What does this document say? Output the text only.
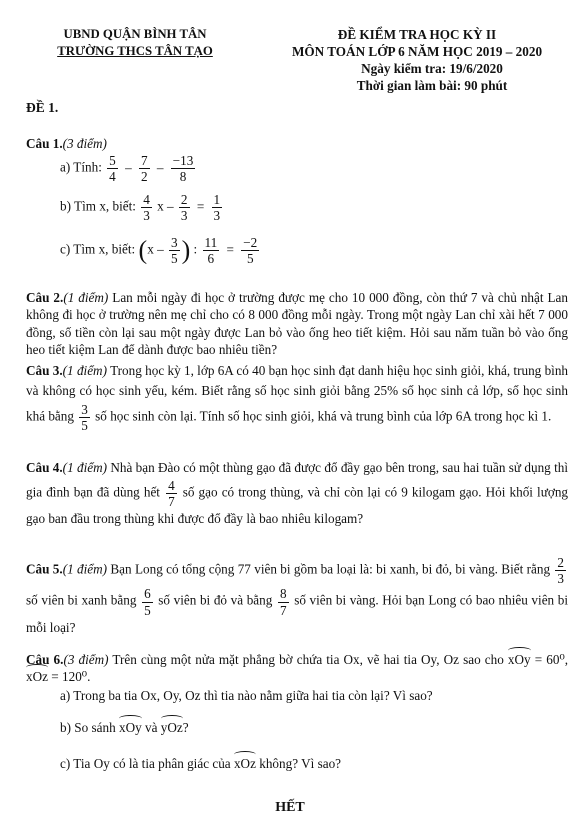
UBND QUẬN BÌNH TÂN
TRƯỜNG THCS TÂN TẠO
ĐỀ KIỂM TRA HỌC KỲ II
MÔN TOÁN LỚP 6 NĂM HỌC 2019 – 2020
Ngày kiểm tra: 19/6/2020
Thời gian làm bài: 90 phút
ĐỀ 1.
Câu 1.(3 điểm)
a) Tính: $\frac{5}{4} - \frac{7}{2} - \frac{-13}{8}$
b) Tìm x, biết: $\frac{4}{3}$ $x - \frac{2}{3} = \frac{1}{3}$
c) Tìm x, biết: ($x - \frac{3}{5}$ ) : $\frac{11}{6} = \frac{-2}{5}$
Câu 2.(1 điểm) Lan mỗi ngày đi học ở trường được mẹ cho 10 000 đồng, còn thứ 7 và chủ nhật Lan không đi học ở trường nên mẹ chỉ cho có 8 000 đồng mỗi ngày. Trong một ngày Lan chỉ xài hết 7 000 đồng, số tiền còn lại sau một ngày được Lan bỏ vào ống heo tiết kiệm. Hỏi sau năm tuần bỏ vào ống heo tiết kiệm Lan để dành được bao nhiêu tiền?
Câu 3.(1 điểm) Trong học kỳ 1, lớp 6A có 40 bạn học sinh đạt danh hiệu học sinh giỏi, khá, trung bình và không có học sinh yếu, kém. Biết rằng số học sinh giỏi bằng 25% số học sinh cả lớp, số học sinh khá bằng $\frac{3}{5}$ số học sinh còn lại. Tính số học sinh giỏi, khá và trung bình của lớp 6A trong học kì 1.
Câu 4.(1 điểm) Nhà bạn Đào có một thùng gạo đã được đổ đầy gạo bên trong, sau hai tuần sử dụng thì gia đình bạn đã dùng hết $\frac{4}{7}$ số gạo có trong thùng, và chỉ còn lại có 9 kilogam gạo. Hỏi khối lượng gạo ban đầu trong thùng khi được đổ đầy là bao nhiêu kilogam?
Câu 5.(1 điểm) Bạn Long có tổng cộng 77 viên bi gồm ba loại là: bi xanh, bi đỏ, bi vàng. Biết rằng $\frac{2}{3}$
số viên bi xanh bằng $\frac{6}{5}$ số viên bi đỏ và bằng $\frac{8}{7}$ số viên bi vàng. Hỏi bạn Long có bao nhiêu viên bi mỗi loại?
Câu 6.(3 điểm) Trên cùng một nửa mặt phẳng bờ chứa tia Ox, vẽ hai tia Oy, Oz sao cho xOy = 60⁰, xOz = 120⁰.
a) Trong ba tia Ox, Oy, Oz thì tia nào nằm giữa hai tia còn lại? Vì sao?
b) So sánh xOy và yOz?
c) Tia Oy có là tia phân giác của xOz không? Vì sao?
HẾT
